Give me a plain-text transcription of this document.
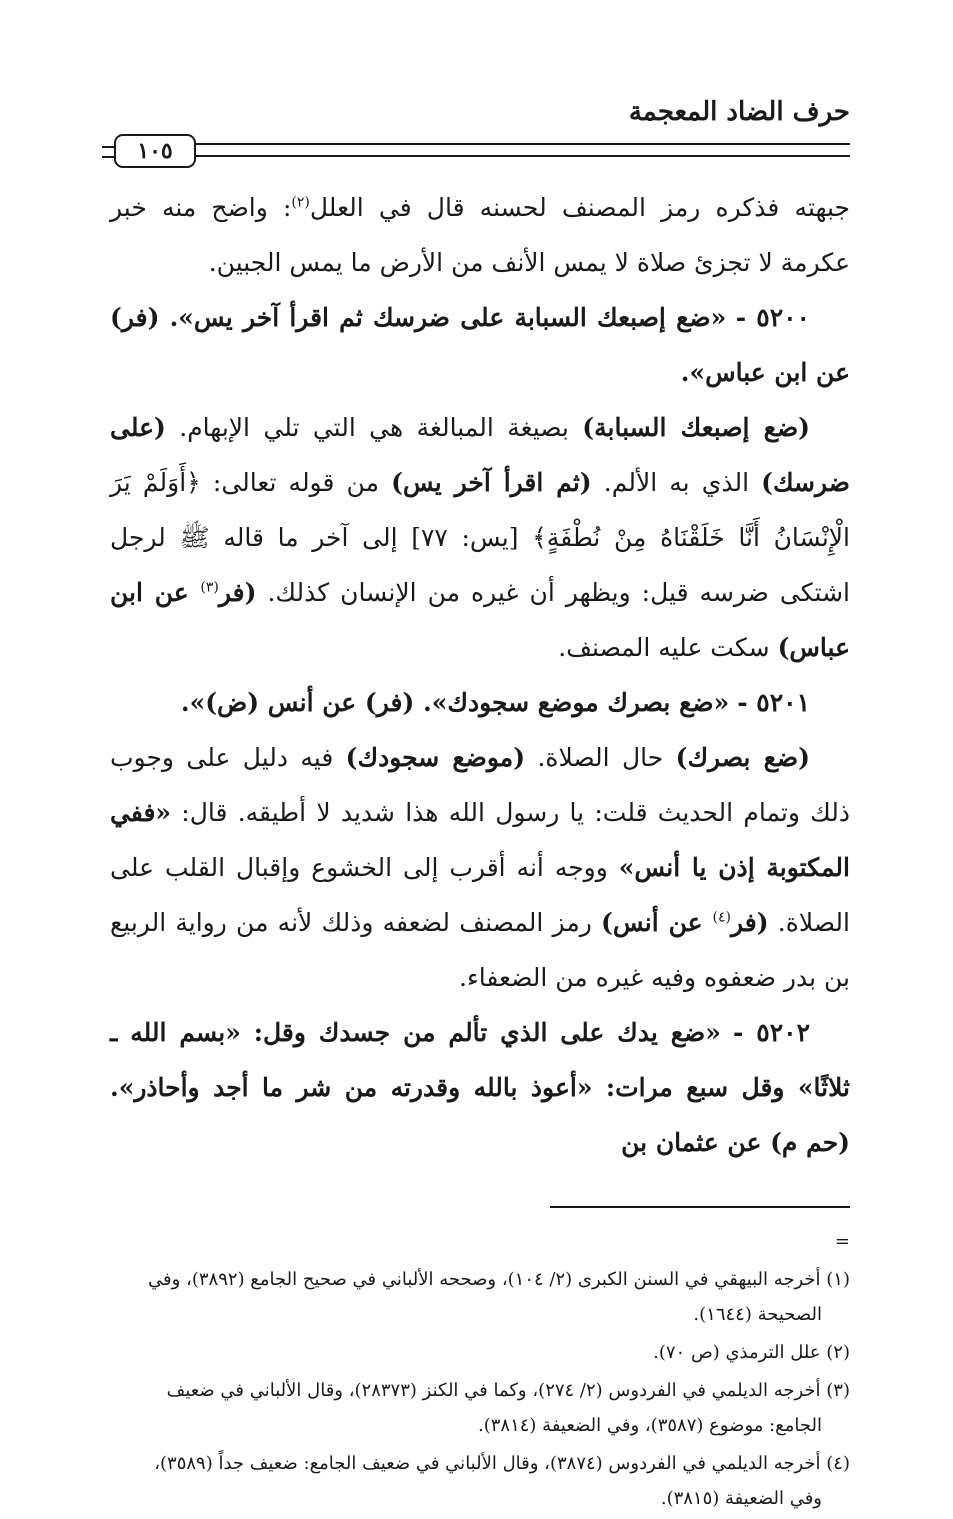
حرف الضاد المعجمة
١٠٥

جبهته فذكره رمز المصنف لحسنه قال في العلل$^{(٢)}$: واضح منه خبر عكرمة لا تجزئ صلاة لا يمس الأنف من الأرض ما يمس الجبين.

٥٢٠٠ - «ضع إصبعك السبابة على ضرسك ثم اقرأ آخر يس». (فر) عن ابن عباس».

(ضع إصبعك السبابة) بصيغة المبالغة هي التي تلي الإبهام. (على ضرسك) الذي به الألم. (ثم اقرأ آخر يس) من قوله تعالى: ﴿أَوَلَمْ يَرَ الْإِنْسَانُ أَنَّا خَلَقْنَاهُ مِنْ نُطْفَةٍ﴾ [يس: ٧٧] إلى آخر ما قاله ﷺ لرجل اشتكى ضرسه قيل: ويظهر أن غيره من الإنسان كذلك. (فر$^{(٣)}$ عن ابن عباس) سكت عليه المصنف.

٥٢٠١ - «ضع بصرك موضع سجودك». (فر) عن أنس (ض)».

(ضع بصرك) حال الصلاة. (موضع سجودك) فيه دليل على وجوب ذلك وتمام الحديث قلت: يا رسول الله هذا شديد لا أطيقه. قال: «ففي المكتوبة إذن يا أنس» ووجه أنه أقرب إلى الخشوع وإقبال القلب على الصلاة. (فر$^{(٤)}$ عن أنس) رمز المصنف لضعفه وذلك لأنه من رواية الربيع بن بدر ضعفوه وفيه غيره من الضعفاء.

٥٢٠٢ - «ضع يدك على الذي تألم من جسدك وقل: «بسم الله ـ ثلاثًا» وقل سبع مرات: «أعوذ بالله وقدرته من شر ما أجد وأحاذر». (حم م) عن عثمان بن

=

(١) أخرجه البيهقي في السنن الكبرى (٢/ ١٠٤)، وصححه الألباني في صحيح الجامع (٣٨٩٢)، وفي
الصحيحة (١٦٤٤).

(٢) علل الترمذي (ص ٧٠).

(٣) أخرجه الديلمي في الفردوس (٢/ ٢٧٤)، وكما في الكنز (٢٨٣٧٣)، وقال الألباني في ضعيف
الجامع: موضوع (٣٥٨٧)، وفي الضعيفة (٣٨١٤).

(٤) أخرجه الديلمي في الفردوس (٣٨٧٤)، وقال الألباني في ضعيف الجامع: ضعيف جداً (٣٥٨٩)،
وفي الضعيفة (٣٨١٥).
